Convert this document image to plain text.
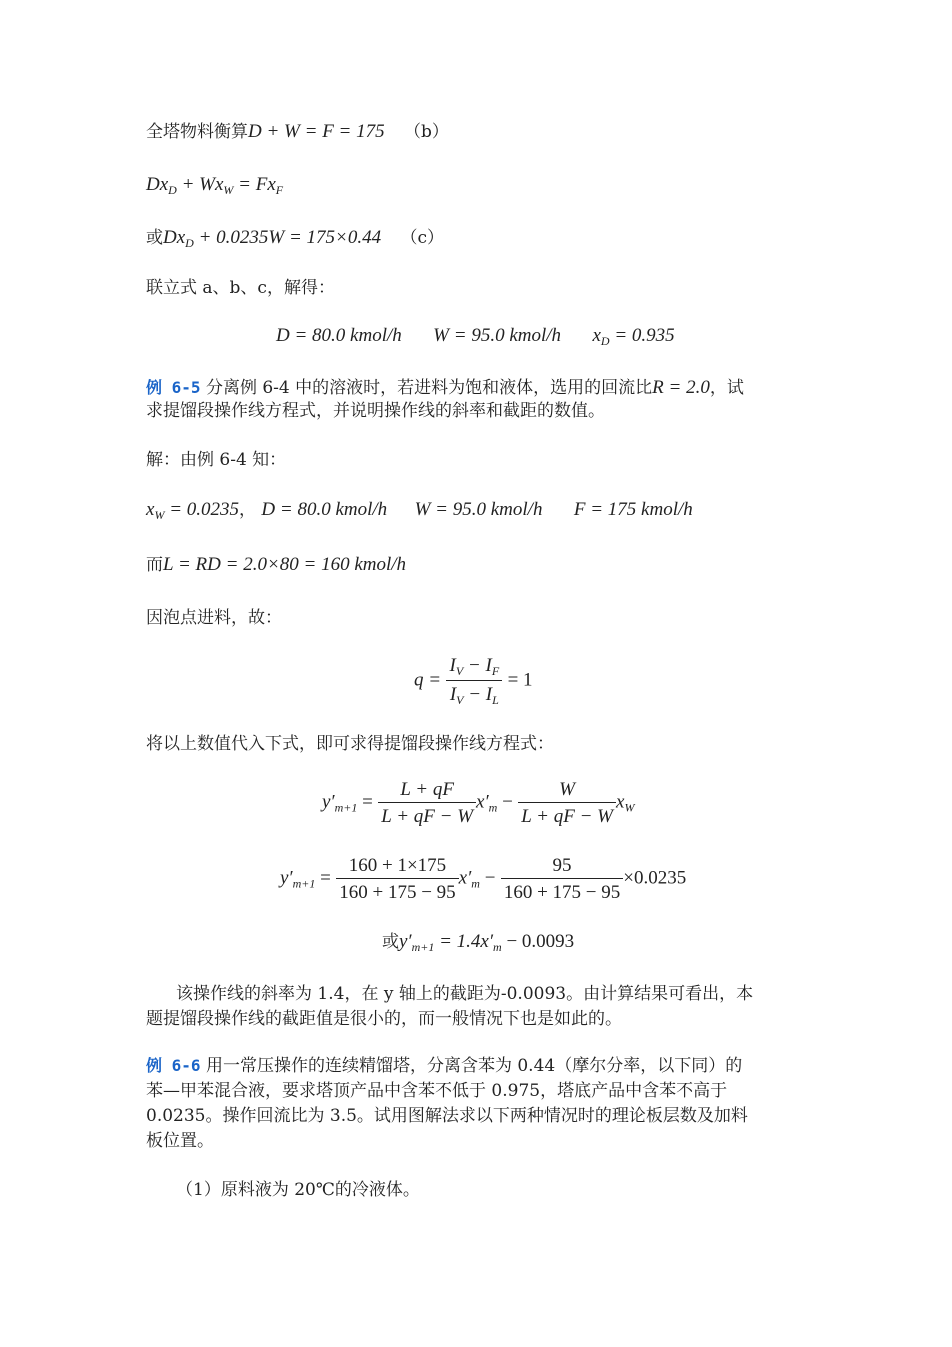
全塔物料衡算D + W = F = 175 （b）
$Dx_D + Wx_W = Fx_F$
或$Dx_D + 0.0235W = 175\times 0.44$ （c）
联立式 a、b、c，解得：
D = 80.0 kmol/h W = 95.0 kmol/h $x_D = 0.935$
例 6-5 分离例 6-4 中的溶液时，若进料为饱和液体，选用的回流比R = 2.0，试
求提馏段操作线方程式，并说明操作线的斜率和截距的数值。
解：由例 6-4 知：
$x_W = 0.0235$， D = 80.0 kmol/h W = 95.0 kmol/h F = 175 kmol/h
而L = RD = 2.0×80 = 160 kmol/h
因泡点进料，故：
$q = \frac{I_V - I_F}{I_V - I_L} = 1$
将以上数值代入下式，即可求得提馏段操作线方程式：
$y'_{m+1} = \frac{L + qF}{L + qF - W} x'_m - \frac{W}{L + qF - W} x_W$
$y'_{m+1} = \frac{160 + 1\times 175}{160 + 175 - 95} x'_m - \frac{95}{160 + 175 - 95} \times 0.0235$
或$y'_{m+1} = 1.4x'_m - 0.0093$
该操作线的斜率为 1.4，在 y 轴上的截距为-0.0093。由计算结果可看出，本
题提馏段操作线的截距值是很小的，而一般情况下也是如此的。
例 6-6 用一常压操作的连续精馏塔，分离含苯为 0.44（摩尔分率，以下同）的
苯—甲苯混合液，要求塔顶产品中含苯不低于 0.975，塔底产品中含苯不高于
0.0235。操作回流比为 3.5。试用图解法求以下两种情况时的理论板层数及加料
板位置。
（1）原料液为 20℃的冷液体。
